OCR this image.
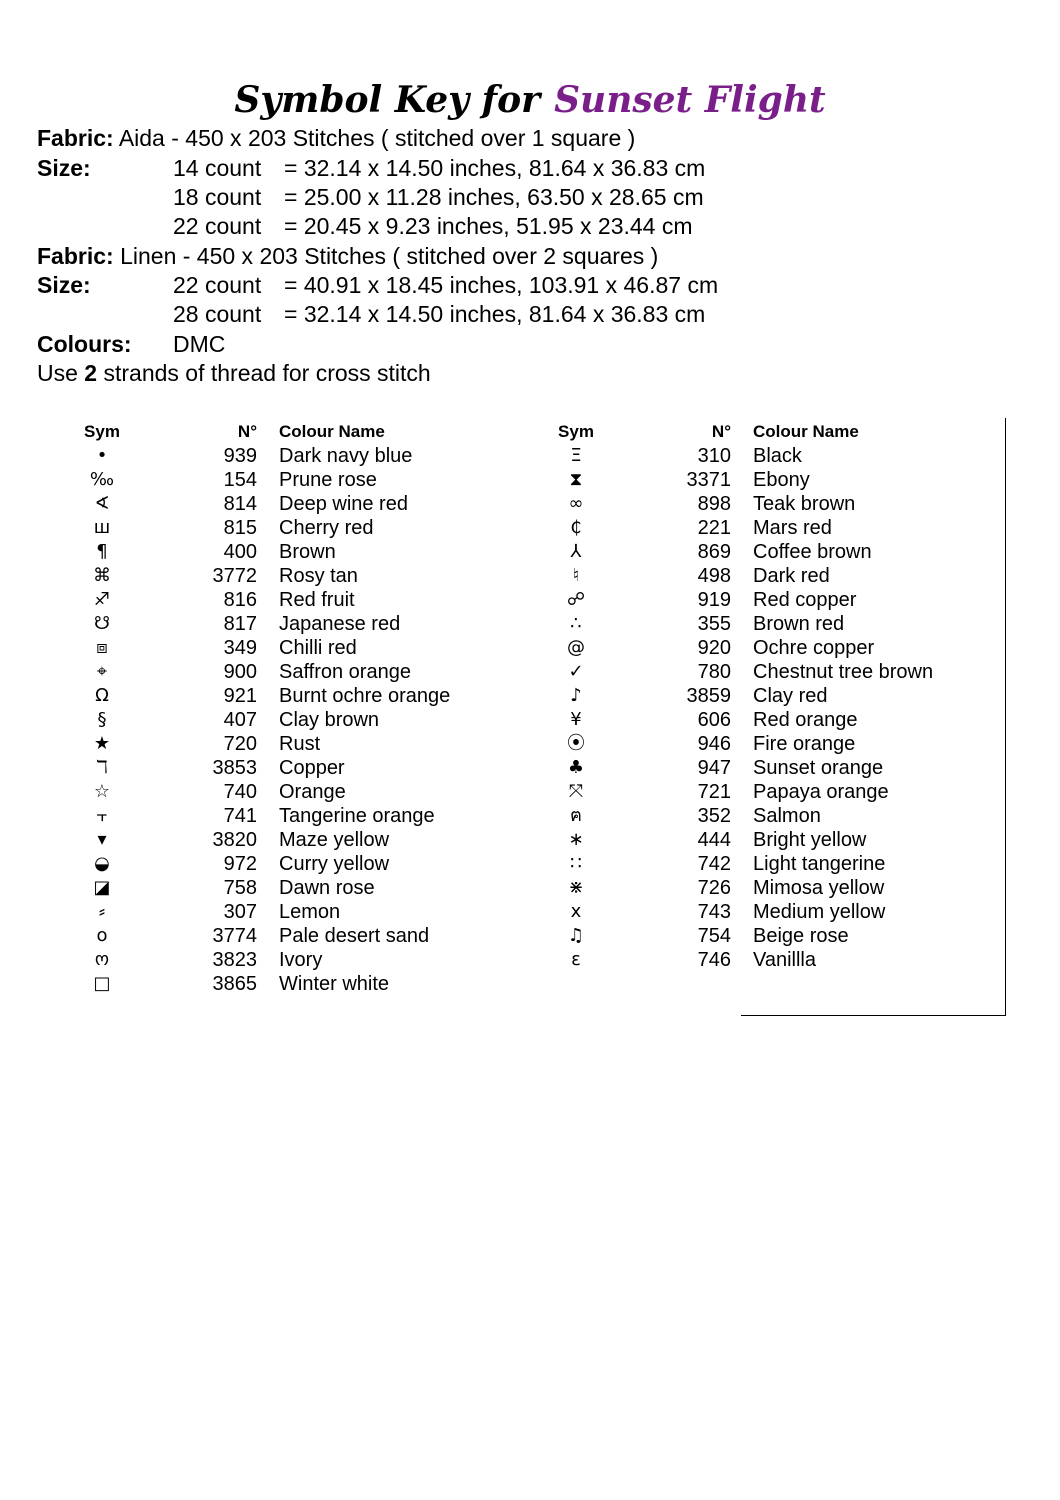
Symbol Key for Sunset Flight
Fabric: Aida - 450 x 203 Stitches ( stitched over 1 square )
Size:	14 count = 32.14 x 14.50 inches, 81.64 x 36.83 cm
18 count = 25.00 x 11.28 inches, 63.50 x 28.65 cm
22 count = 20.45 x 9.23 inches, 51.95 x 23.44 cm
Fabric: Linen - 450 x 203 Stitches ( stitched over 2 squares )
Size:	22 count = 40.91 x 18.45 inches, 103.91 x 46.87 cm
28 count = 32.14 x 14.50 inches, 81.64 x 36.83 cm
Colours: DMC
Use 2 strands of thread for cross stitch
Sym	N° Colour Name
•	939 Dark navy blue
‰	154 Prune rose
∢	814 Deep wine red
ш	815 Cherry red
¶	400 Brown
⌘	3772 Rosy tan
♐	816 Red fruit
☋	817 Japanese red
⧈	349 Chilli red
⌖	900 Saffron orange
Ω	921 Burnt ochre orange
§	407 Clay brown
★	720 Rust
ℸ	3853 Copper
☆	740 Orange
⫟	741 Tangerine orange
▾	3820 Maze yellow
◒	972 Curry yellow
◪	758 Dawn rose
⸗	307 Lemon
o	3774 Pale desert sand
ო	3823 Ivory
□	3865 Winter white
Sym	N° Colour Name
Ξ	310 Black
⧗	3371 Ebony
∞	898 Teak brown
₵	221 Mars red
⅄	869 Coffee brown
♮	498 Dark red
☍	919 Red copper
∴	355 Brown red
@	920 Ochre copper
✓	780 Chestnut tree brown
♪	3859 Clay red
¥	606 Red orange
⦿	946 Fire orange
♣	947 Sunset orange
⤧	721 Papaya orange
ฅ	352 Salmon
∗	444 Bright yellow
∷	742 Light tangerine
⋇	726 Mimosa yellow
x	743 Medium yellow
♫	754 Beige rose
ɛ	746 Vanillla
